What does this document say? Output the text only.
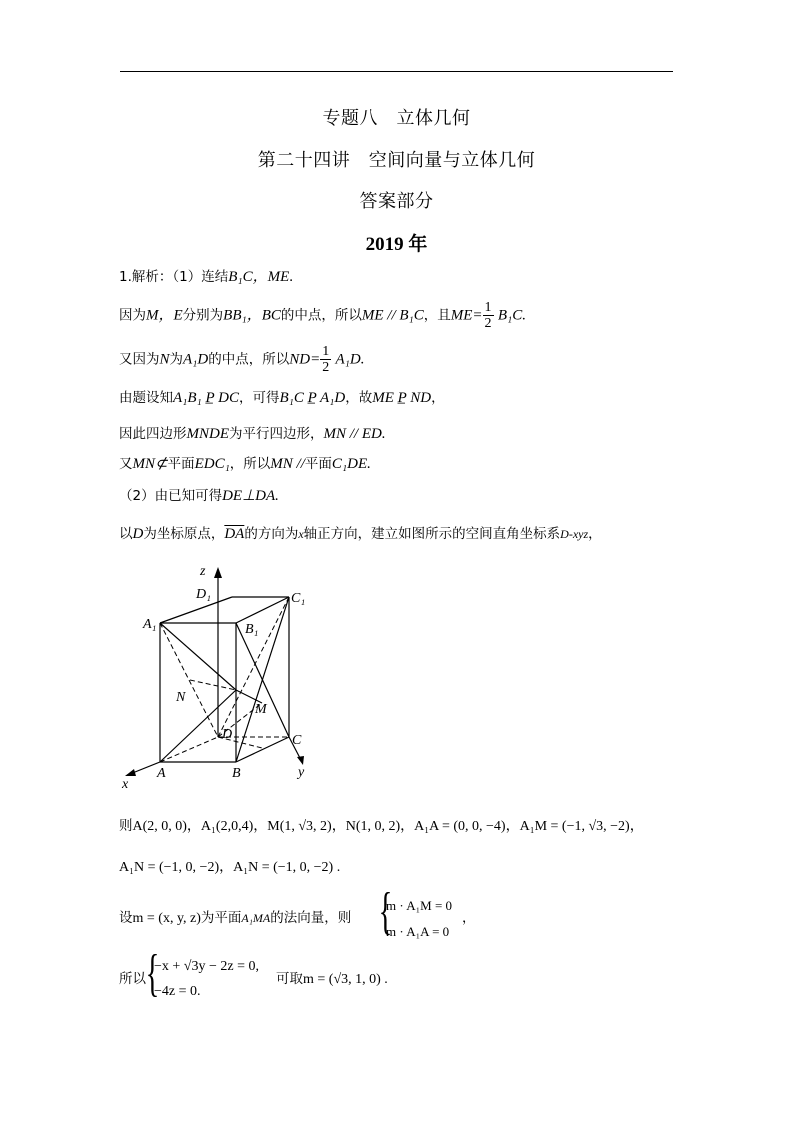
专题八　立体几何
第二十四讲　空间向量与立体几何
答案部分
2019 年
1.解析：（1）连结B₁C，ME.
因为M，E分别为BB₁，BC的中点，所以ME // B₁C，且$ME= \frac{1}{2} B_1C$.
又因为N为A₁D的中点，所以$ND= \frac{1}{2} A_1D$.
由题设知A₁B₁ P̲ DC，可得B₁C P̲ A₁D，故ME P̲ ND，
因此四边形MNDE为平行四边形，MN // ED.
又MN⊄平面EDC₁，所以MN //平面C₁DE.
（2）由已知可得DE⊥DA.
以D为坐标原点，$\overline{DA}$的方向为x轴正方向，建立如图所示的空间直角坐标系D-xyz，
z
D₁	C₁
A₁	B₁
N
M
D	C
A	B
x
y
则A(2, 0, 0)，A₁(2,0,4)，M(1, √3, 2)，N(1, 0, 2)，A₁A = (0, 0, −4)，A₁M = (−1, √3, −2)，
A₁N = (−1, 0, −2)，A₁N = (−1, 0, −2) .
设m = (x, y, z)为平面A₁MA的法向量，则 {
m · A₁M = 0
m · A₁A = 0
，
所以 {
−x + √3y − 2z = 0,
−4z = 0.
可取m = (√3, 1, 0) .
